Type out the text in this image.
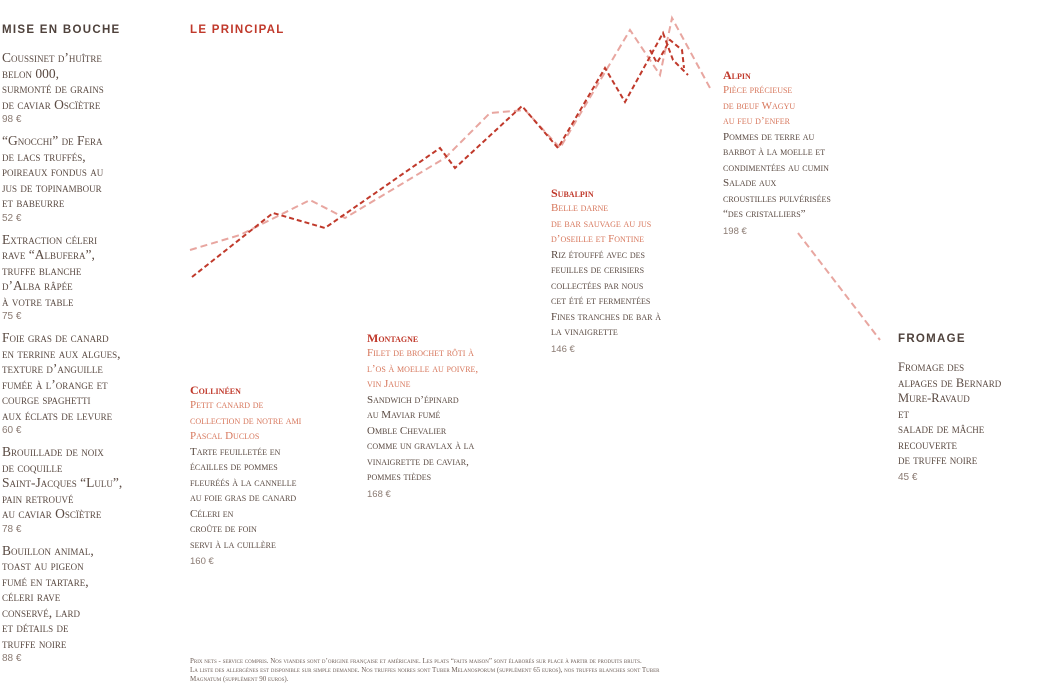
MISE EN BOUCHE	LE PRINCIPAL
FROMAGE
Coussinet d’huître
belon 000,
surmonté de grains
de caviar Oscïètre
98 €
“Gnocchi” de Fera
de lacs truffés,
poireaux fondus au
jus de topinambour
et babeurre
52 €
Extraction céleri
rave “Albufera”,
truffe blanche
d’Alba râpée
à votre table
75 €
Foie gras de canard
en terrine aux algues,
texture d’anguille
fumée à l’orange et
courge spaghetti
aux éclats de levure
60 €
Brouillade de noix
de coquille
Saint-Jacques “Lulu”,
pain retrouvé
au caviar Oscïètre
78 €
Bouillon animal,
toast au pigeon
fumé en tartare,
céleri rave
conservé, lard
et détails de
truffe noire
88 €
Collinéen
Petit canard de
collection de notre ami
Pascal Duclos
Tarte feuilletée en
écailles de pommes
fleuréés à la cannelle
au foie gras de canard
Céleri en
croûte de foin
servi à la cuillère
160 €
Montagne
Filet de brochet rôti à
l’os à moelle au poivre,
vin Jaune
Sandwich d’épinard
au Maviar fumé
Omble Chevalier
comme un gravlax à la
vinaigrette de caviar,
pommes tièdes
168 €
Subalpin
Belle darne
de bar sauvage au jus
d’oseille et Fontine
Riz étouffé avec des
feuilles de cerisiers
collectées par nous
cet été et fermentées
Fines tranches de bar à
la vinaigrette
146 €
Alpin
Pièce précieuse
de bœuf Wagyu
au feu d’enfer
Pommes de terre au
barbot à la moelle et
condimentées au cumin
Salade aux
croustilles pulvérisées
“des cristalliers”
198 €
Fromage des
alpages de Bernard
Mure-Ravaud
et
salade de mâche
recouverte
de truffe noire
45 €
Prix nets - service compris. Nos viandes sont d’origine française et américaine. Les plats “faits maison” sont élaborés sur place à partir de produits bruts.
La liste des allergènes est disponible sur simple demande. Nos truffes noires sont Tuber Melanosporum (supplément 65 euros), nos truffes blanches sont Tuber
Magnatum (supplément 90 euros).
